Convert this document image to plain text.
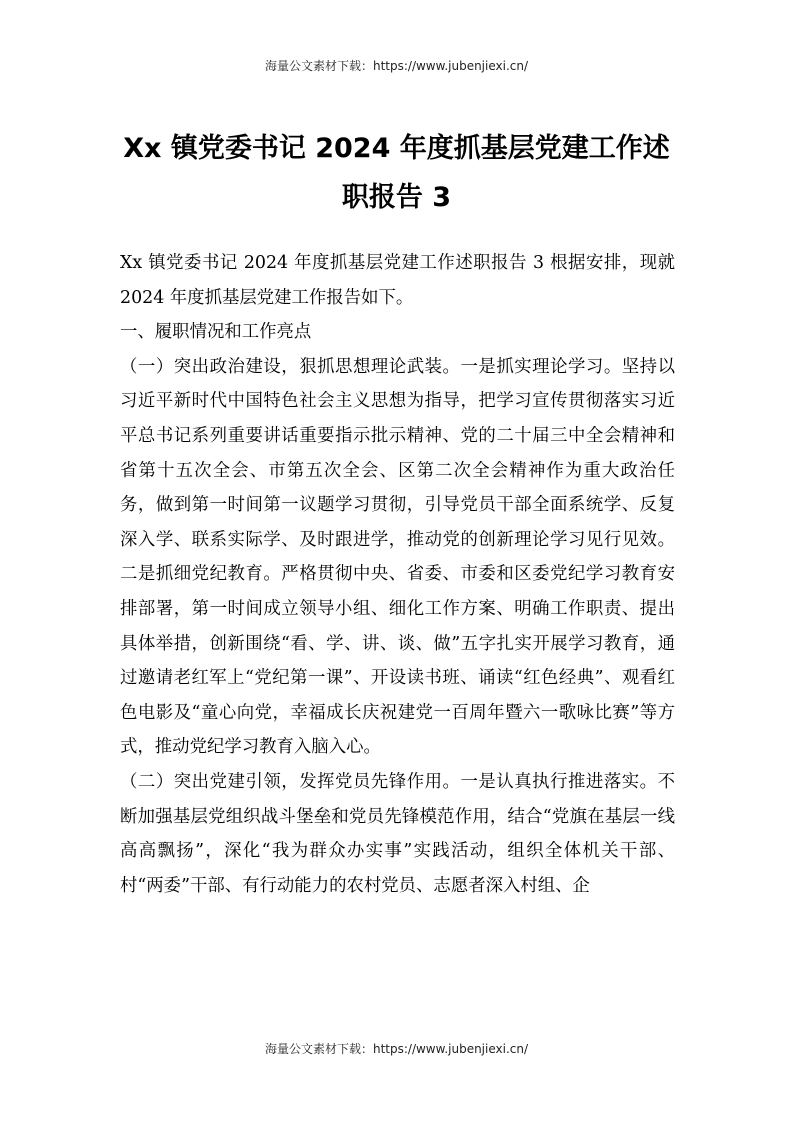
海量公文素材下载：https://www.jubenjiexi.cn/
Xx 镇党委书记 2024 年度抓基层党建工作述
职报告 3

Xx 镇党委书记 2024 年度抓基层党建工作述职报告 3 根据安排，现就 2024 年度抓基层党建工作报告如下。

一、履职情况和工作亮点

（一）突出政治建设，狠抓思想理论武装。一是抓实理论学习。坚持以习近平新时代中国特色社会主义思想为指导，把学习宣传贯彻落实习近平总书记系列重要讲话重要指示批示精神、党的二十届三中全会精神和省第十五次全会、市第五次全会、区第二次全会精神作为重大政治任务，做到第一时间第一议题学习贯彻，引导党员干部全面系统学、反复深入学、联系实际学、及时跟进学，推动党的创新理论学习见行见效。二是抓细党纪教育。严格贯彻中央、省委、市委和区委党纪学习教育安排部署，第一时间成立领导小组、细化工作方案、明确工作职责、提出具体举措，创新围绕“看、学、讲、谈、做”五字扎实开展学习教育，通过邀请老红军上“党纪第一课”、开设读书班、诵读“红色经典”、观看红色电影及“童心向党，幸福成长庆祝建党一百周年暨六一歌咏比赛”等方式，推动党纪学习教育入脑入心。

（二）突出党建引领，发挥党员先锋作用。一是认真执行推进落实。不断加强基层党组织战斗堡垒和党员先锋模范作用，结合“党旗在基层一线高高飘扬”，深化“我为群众办实事”实践活动，组织全体机关干部、村“两委”干部、有行动能力的农村党员、志愿者深入村组、企

海量公文素材下载：https://www.jubenjiexi.cn/
